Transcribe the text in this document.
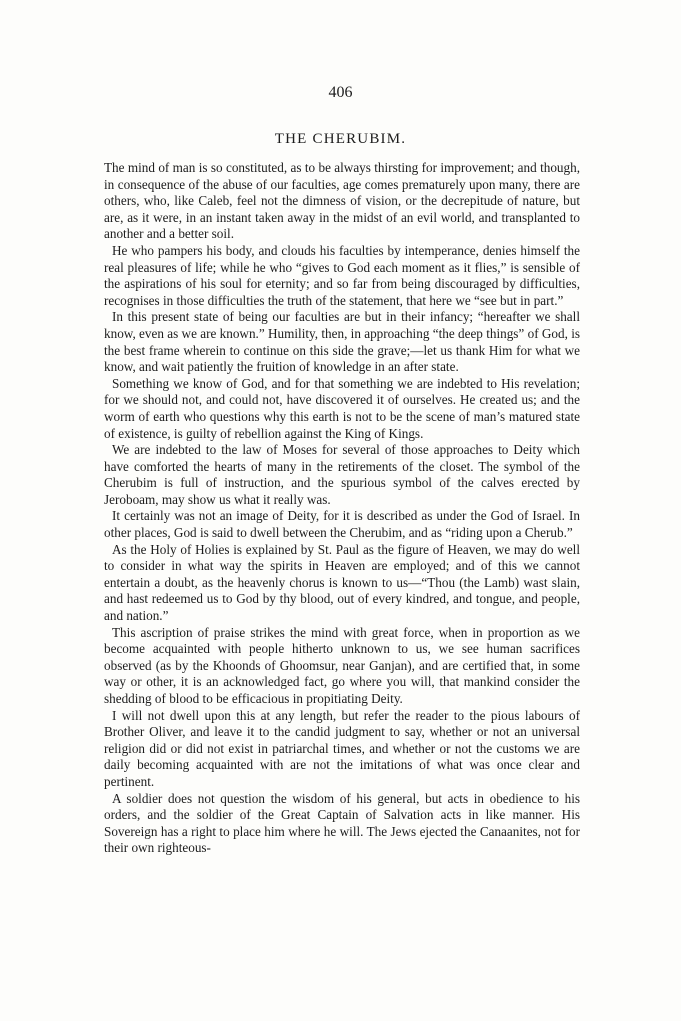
406
THE CHERUBIM.

The mind of man is so constituted, as to be always thirsting for improvement; and though, in consequence of the abuse of our faculties, age comes prematurely upon many, there are others, who, like Caleb, feel not the dimness of vision, or the decrepitude of nature, but are, as it were, in an instant taken away in the midst of an evil world, and transplanted to another and a better soil.

He who pampers his body, and clouds his faculties by intemperance, denies himself the real pleasures of life; while he who “gives to God each moment as it flies,” is sensible of the aspirations of his soul for eternity; and so far from being discouraged by difficulties, recognises in those difficulties the truth of the statement, that here we “see but in part.”

In this present state of being our faculties are but in their infancy; “hereafter we shall know, even as we are known.” Humility, then, in approaching “the deep things” of God, is the best frame wherein to continue on this side the grave;—let us thank Him for what we know, and wait patiently the fruition of knowledge in an after state.

Something we know of God, and for that something we are indebted to His revelation; for we should not, and could not, have discovered it of ourselves. He created us; and the worm of earth who questions why this earth is not to be the scene of man’s matured state of existence, is guilty of rebellion against the King of Kings.

We are indebted to the law of Moses for several of those approaches to Deity which have comforted the hearts of many in the retirements of the closet. The symbol of the Cherubim is full of instruction, and the spurious symbol of the calves erected by Jeroboam, may show us what it really was.

It certainly was not an image of Deity, for it is described as under the God of Israel. In other places, God is said to dwell between the Cherubim, and as “riding upon a Cherub.”

As the Holy of Holies is explained by St. Paul as the figure of Heaven, we may do well to consider in what way the spirits in Heaven are employed; and of this we cannot entertain a doubt, as the heavenly chorus is known to us—“Thou (the Lamb) wast slain, and hast redeemed us to God by thy blood, out of every kindred, and tongue, and people, and nation.”

This ascription of praise strikes the mind with great force, when in proportion as we become acquainted with people hitherto unknown to us, we see human sacrifices observed (as by the Khoonds of Ghoomsur, near Ganjan), and are certified that, in some way or other, it is an acknowledged fact, go where you will, that mankind consider the shedding of blood to be efficacious in propitiating Deity.

I will not dwell upon this at any length, but refer the reader to the pious labours of Brother Oliver, and leave it to the candid judgment to say, whether or not an universal religion did or did not exist in patriarchal times, and whether or not the customs we are daily becoming acquainted with are not the imitations of what was once clear and pertinent.

A soldier does not question the wisdom of his general, but acts in obedience to his orders, and the soldier of the Great Captain of Salvation acts in like manner. His Sovereign has a right to place him where he will. The Jews ejected the Canaanites, not for their own righteous-
